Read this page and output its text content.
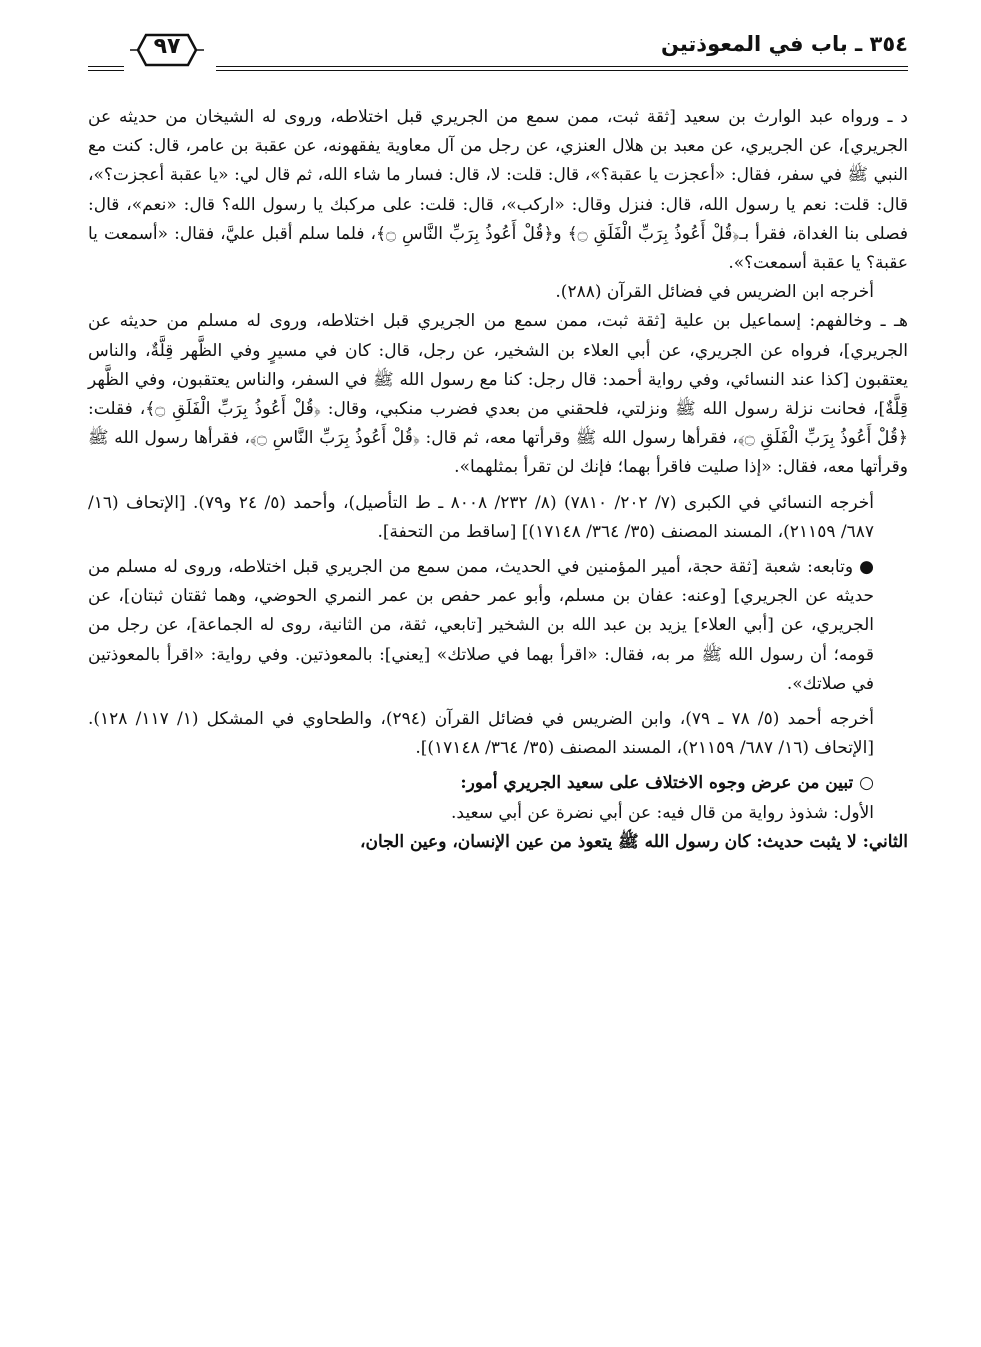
٣٥٤ ـ باب في المعوذتين
٩٧

د ـ ورواه عبد الوارث بن سعيد [ثقة ثبت، ممن سمع من الجريري قبل اختلاطه، وروى له الشيخان من حديثه عن الجريري]، عن الجريري، عن معبد بن هلال العنزي، عن رجل من آل معاوية يفقهونه، عن عقبة بن عامر، قال: كنت مع النبي ﷺ في سفر، فقال: «أعجزت يا عقبة؟»، قال: قلت: لا، قال: فسار ما شاء الله، ثم قال لي: «يا عقبة أعجزت؟»، قال: قلت: نعم يا رسول الله، قال: فنزل وقال: «اركب»، قال: قلت: على مركبك يا رسول الله؟ قال: «نعم»، قال: فصلى بنا الغداة، فقرأ بـ﴿قُلْ أَعُوذُ بِرَبِّ الْفَلَقِ ۝﴾ و﴿قُلْ أَعُوذُ بِرَبِّ النَّاسِ ۝﴾، فلما سلم أقبل عليَّ، فقال: «أسمعت يا عقبة؟ يا عقبة أسمعت؟».

أخرجه ابن الضريس في فضائل القرآن (٢٨٨).

هـ ـ وخالفهم: إسماعيل بن علية [ثقة ثبت، ممن سمع من الجريري قبل اختلاطه، وروى له مسلم من حديثه عن الجريري]، فرواه عن الجريري، عن أبي العلاء بن الشخير، عن رجل، قال: كان في مسيرٍ وفي الظَّهر قِلَّةٌ، والناس يعتقبون [كذا عند النسائي، وفي رواية أحمد: قال رجل: كنا مع رسول الله ﷺ في السفر، والناس يعتقبون، وفي الظَّهر قِلَّةٌ]، فحانت نزلة رسول الله ﷺ ونزلتي، فلحقني من بعدي فضرب منكبي، وقال: ﴿قُلْ أَعُوذُ بِرَبِّ الْفَلَقِ ۝﴾، فقلت: ﴿قُلْ أَعُوذُ بِرَبِّ الْفَلَقِ ۝﴾، فقرأها رسول الله ﷺ وقرأتها معه، ثم قال: ﴿قُلْ أَعُوذُ بِرَبِّ النَّاسِ ۝﴾، فقرأها رسول الله ﷺ وقرأتها معه، فقال: «إذا صليت فاقرأ بهما؛ فإنك لن تقرأ بمثلهما».

أخرجه النسائي في الكبرى (٧/ ٢٠٢/ ٧٨١٠) (٨/ ٢٣٢/ ٨٠٠٨ ـ ط التأصيل)، وأحمد (٥/ ٢٤ و٧٩). [الإتحاف (١٦/ ٦٨٧/ ٢١١٥٩)، المسند المصنف (٣٥/ ٣٦٤/ ١٧١٤٨)] [ساقط من التحفة].

● وتابعه: شعبة [ثقة حجة، أمير المؤمنين في الحديث، ممن سمع من الجريري قبل اختلاطه، وروى له مسلم من حديثه عن الجريري] [وعنه: عفان بن مسلم، وأبو عمر حفص بن عمر النمري الحوضي، وهما ثقتان ثبتان]، عن الجريري، عن [أبي العلاء] يزيد بن عبد الله بن الشخير [تابعي، ثقة، من الثانية، روى له الجماعة]، عن رجل من قومه؛ أن رسول الله ﷺ مر به، فقال: «اقرأ بهما في صلاتك» [يعني]: بالمعوذتين. وفي رواية: «اقرأ بالمعوذتين في صلاتك».

أخرجه أحمد (٥/ ٧٨ ـ ٧٩)، وابن الضريس في فضائل القرآن (٢٩٤)، والطحاوي في المشكل (١/ ١١٧/ ١٢٨). [الإتحاف (١٦/ ٦٨٧/ ٢١١٥٩)، المسند المصنف (٣٥/ ٣٦٤/ ١٧١٤٨)].

○ تبين من عرض وجوه الاختلاف على سعيد الجريري أمور:

الأول: شذوذ رواية من قال فيه: عن أبي نضرة عن أبي سعيد.

الثاني: لا يثبت حديث: كان رسول الله ﷺ يتعوذ من عين الإنسان، وعين الجان،
